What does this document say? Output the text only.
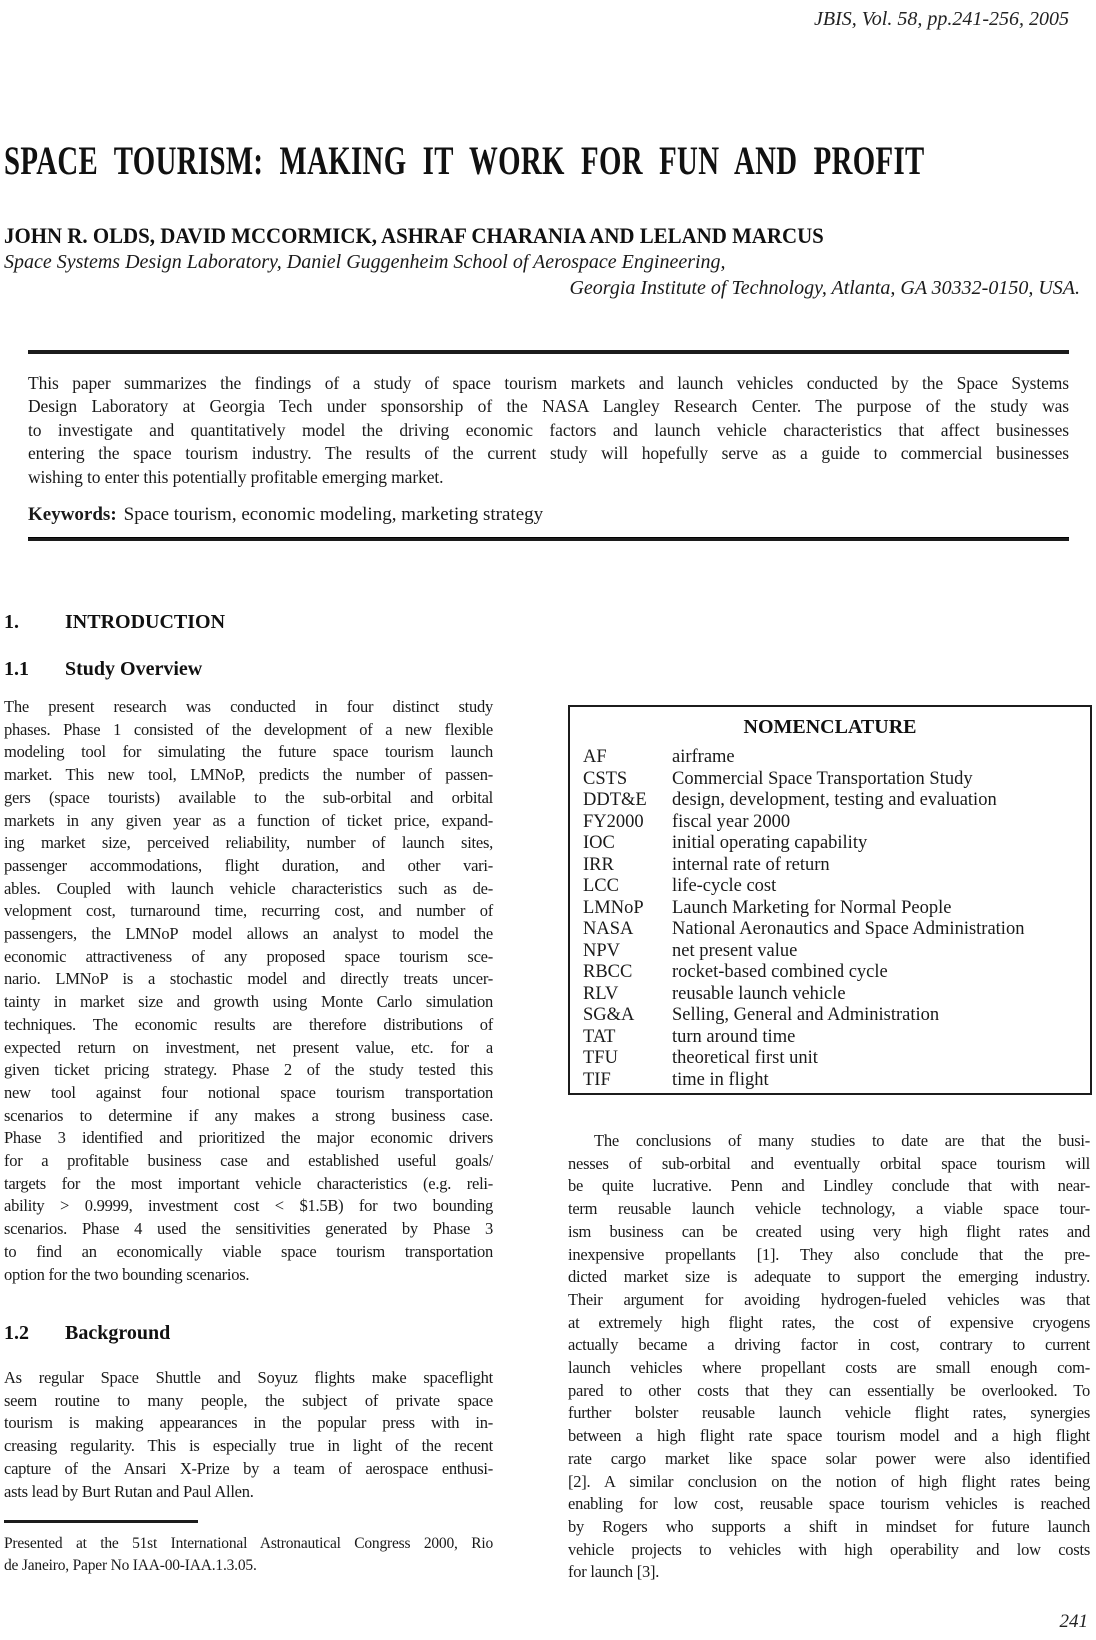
JBIS, Vol. 58, pp.241-256, 2005
SPACE TOURISM: MAKING IT WORK FOR FUN AND PROFIT
JOHN R. OLDS, DAVID MCCORMICK, ASHRAF CHARANIA AND LELAND MARCUS
Space Systems Design Laboratory, Daniel Guggenheim School of Aerospace Engineering,
Georgia Institute of Technology, Atlanta, GA 30332-0150, USA.
This paper summarizes the findings of a study of space tourism markets and launch vehicles conducted by the Space Systems
Design Laboratory at Georgia Tech under sponsorship of the NASA Langley Research Center. The purpose of the study was
to investigate and quantitatively model the driving economic factors and launch vehicle characteristics that affect businesses
entering the space tourism industry. The results of the current study will hopefully serve as a guide to commercial businesses
wishing to enter this potentially profitable emerging market.
Keywords: Space tourism, economic modeling, marketing strategy
1. INTRODUCTION
1.1 Study Overview
The present research was conducted in four distinct study
phases. Phase 1 consisted of the development of a new flexible
modeling tool for simulating the future space tourism launch
market. This new tool, LMNoP, predicts the number of passen-
gers (space tourists) available to the sub-orbital and orbital
markets in any given year as a function of ticket price, expand-
ing market size, perceived reliability, number of launch sites,
passenger accommodations, flight duration, and other vari-
ables. Coupled with launch vehicle characteristics such as de-
velopment cost, turnaround time, recurring cost, and number of
passengers, the LMNoP model allows an analyst to model the
economic attractiveness of any proposed space tourism sce-
nario. LMNoP is a stochastic model and directly treats uncer-
tainty in market size and growth using Monte Carlo simulation
techniques. The economic results are therefore distributions of
expected return on investment, net present value, etc. for a
given ticket pricing strategy. Phase 2 of the study tested this
new tool against four notional space tourism transportation
scenarios to determine if any makes a strong business case.
Phase 3 identified and prioritized the major economic drivers
for a profitable business case and established useful goals/
targets for the most important vehicle characteristics (e.g. reli-
ability > 0.9999, investment cost < $1.5B) for two bounding
scenarios. Phase 4 used the sensitivities generated by Phase 3
to find an economically viable space tourism transportation
option for the two bounding scenarios.
1.2 Background
As regular Space Shuttle and Soyuz flights make spaceflight
seem routine to many people, the subject of private space
tourism is making appearances in the popular press with in-
creasing regularity. This is especially true in light of the recent
capture of the Ansari X-Prize by a team of aerospace enthusi-
asts lead by Burt Rutan and Paul Allen.
Presented at the 51st International Astronautical Congress 2000, Rio
de Janeiro, Paper No IAA-00-IAA.1.3.05.
NOMENCLATURE
AF	airframe
CSTS Commercial Space Transportation Study
DDT&E design, development, testing and evaluation
FY2000 fiscal year 2000
IOC	initial operating capability
IRR	internal rate of return
LCC	life-cycle cost
LMNoP Launch Marketing for Normal People
NASA National Aeronautics and Space Administration
NPV	net present value
RBCC rocket-based combined cycle
RLV	reusable launch vehicle
SG&A Selling, General and Administration
TAT	turn around time
TFU	theoretical first unit
TIF	time in flight
The conclusions of many studies to date are that the busi-
nesses of sub-orbital and eventually orbital space tourism will
be quite lucrative. Penn and Lindley conclude that with near-
term reusable launch vehicle technology, a viable space tour-
ism business can be created using very high flight rates and
inexpensive propellants [1]. They also conclude that the pre-
dicted market size is adequate to support the emerging industry.
Their argument for avoiding hydrogen-fueled vehicles was that
at extremely high flight rates, the cost of expensive cryogens
actually became a driving factor in cost, contrary to current
launch vehicles where propellant costs are small enough com-
pared to other costs that they can essentially be overlooked. To
further bolster reusable launch vehicle flight rates, synergies
between a high flight rate space tourism model and a high flight
rate cargo market like space solar power were also identified
[2]. A similar conclusion on the notion of high flight rates being
enabling for low cost, reusable space tourism vehicles is reached
by Rogers who supports a shift in mindset for future launch
vehicle projects to vehicles with high operability and low costs
for launch [3].
241
